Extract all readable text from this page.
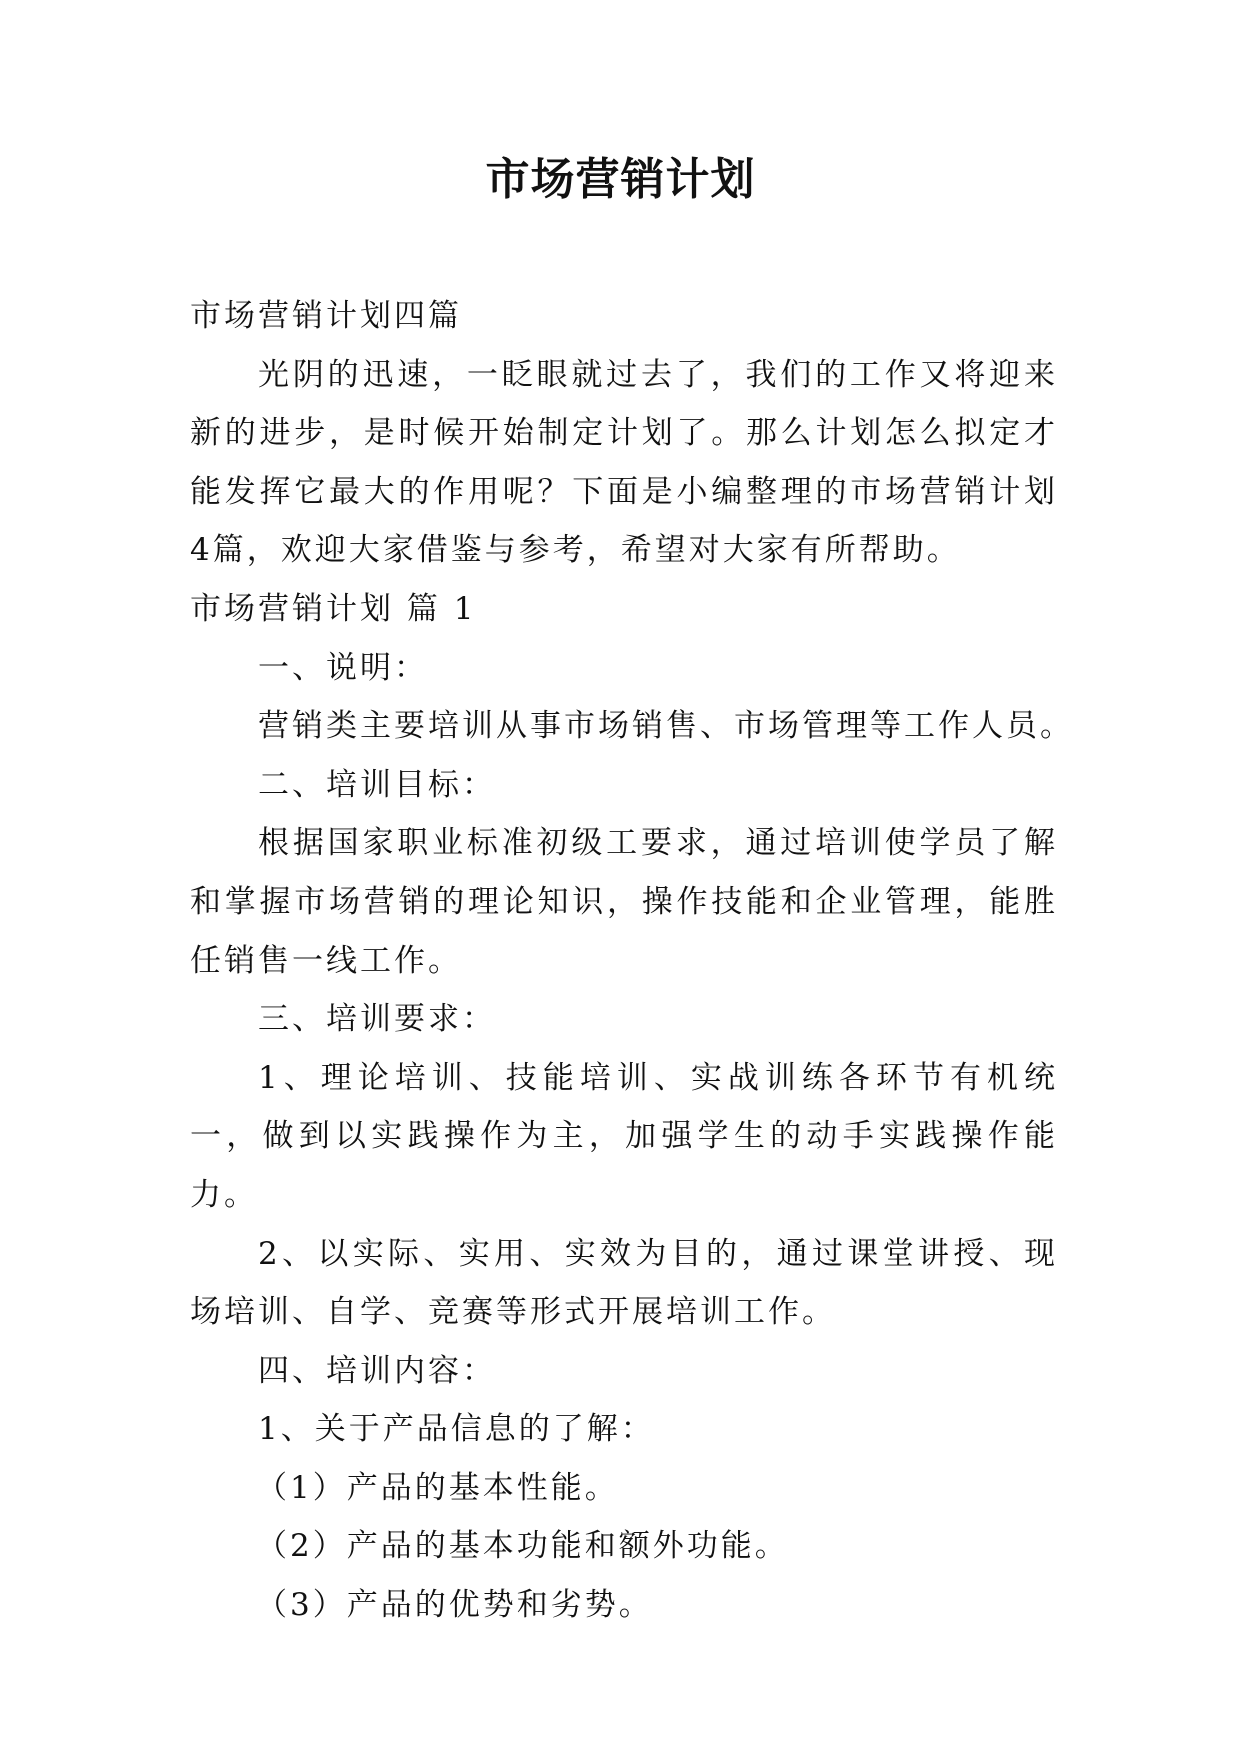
市场营销计划
市场营销计划四篇
光阴的迅速，一眨眼就过去了，我们的工作又将迎来新的进步，是时候开始制定计划了。那么计划怎么拟定才能发挥它最大的作用呢？下面是小编整理的市场营销计划4篇，欢迎大家借鉴与参考，希望对大家有所帮助。
市场营销计划 篇 1
一、说明：
营销类主要培训从事市场销售、市场管理等工作人员。
二、培训目标：
根据国家职业标准初级工要求，通过培训使学员了解和掌握市场营销的理论知识，操作技能和企业管理，能胜任销售一线工作。
三、培训要求：
1、理论培训、技能培训、实战训练各环节有机统一，做到以实践操作为主，加强学生的动手实践操作能力。
2、以实际、实用、实效为目的，通过课堂讲授、现场培训、自学、竞赛等形式开展培训工作。
四、培训内容：
1、关于产品信息的了解：
（1）产品的基本性能。
（2）产品的基本功能和额外功能。
（3）产品的优势和劣势。
